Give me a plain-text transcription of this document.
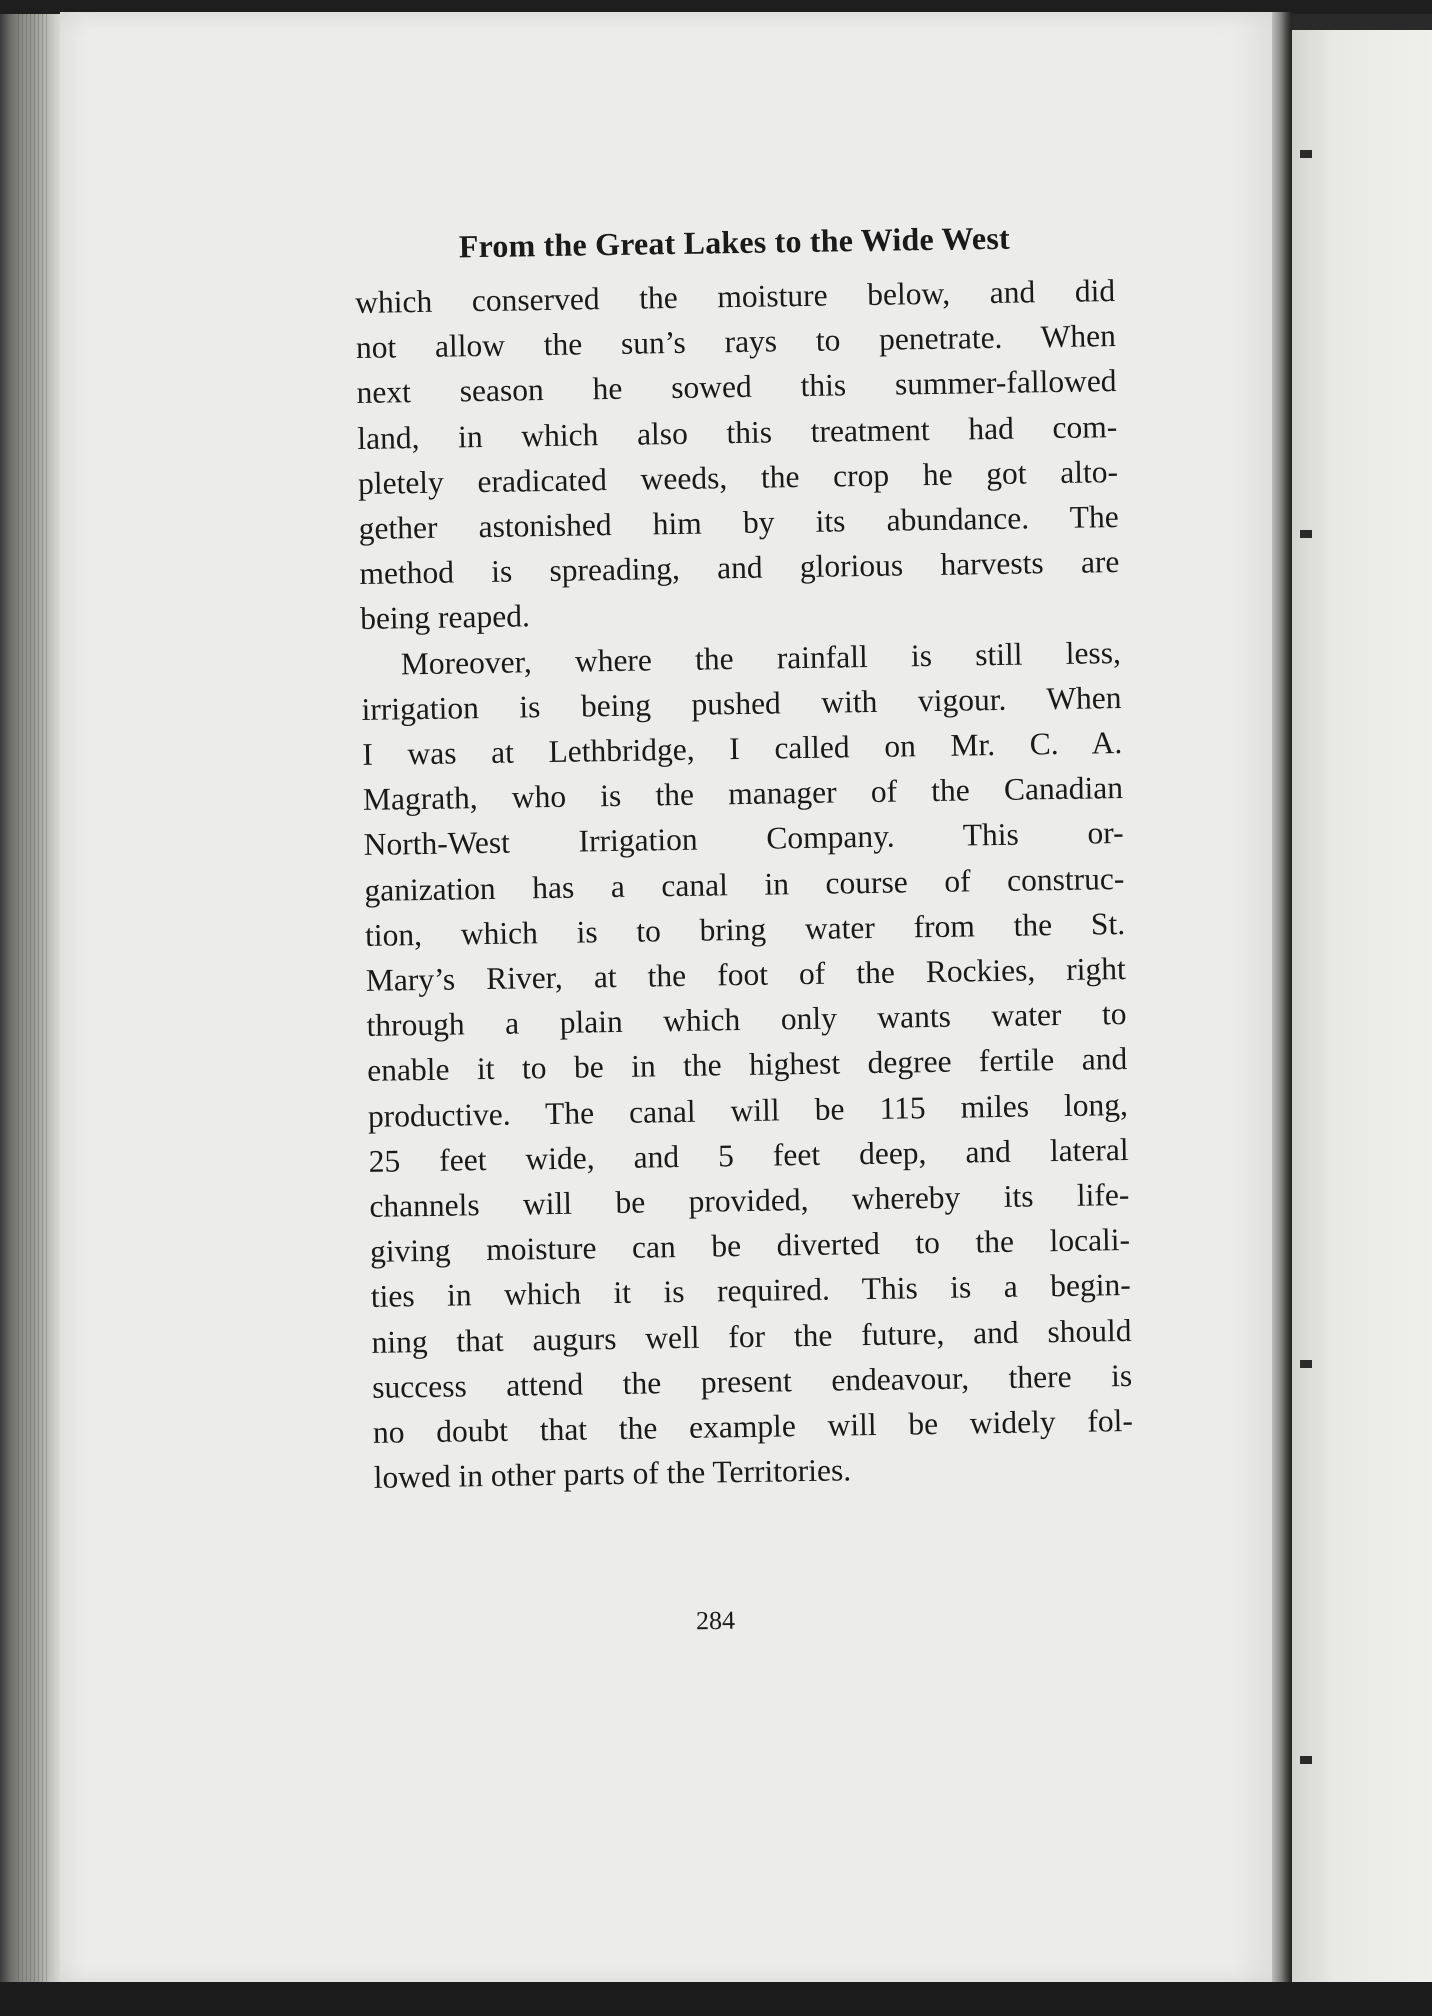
From the Great Lakes to the Wide West

which conserved the moisture below, and did
not allow the sun’s rays to penetrate. When
next season he sowed this summer-fallowed
land, in which also this treatment had com-
pletely eradicated weeds, the crop he got alto-
gether astonished him by its abundance. The
method is spreading, and glorious harvests are
being reaped.

Moreover, where the rainfall is still less,
irrigation is being pushed with vigour. When
I was at Lethbridge, I called on Mr. C. A.
Magrath, who is the manager of the Canadian
North-West Irrigation Company. This or-
ganization has a canal in course of construc-
tion, which is to bring water from the St.
Mary’s River, at the foot of the Rockies, right
through a plain which only wants water to
enable it to be in the highest degree fertile and
productive. The canal will be 115 miles long,
25 feet wide, and 5 feet deep, and lateral
channels will be provided, whereby its life-
giving moisture can be diverted to the locali-
ties in which it is required. This is a begin-
ning that augurs well for the future, and should
success attend the present endeavour, there is
no doubt that the example will be widely fol-
lowed in other parts of the Territories.

284
